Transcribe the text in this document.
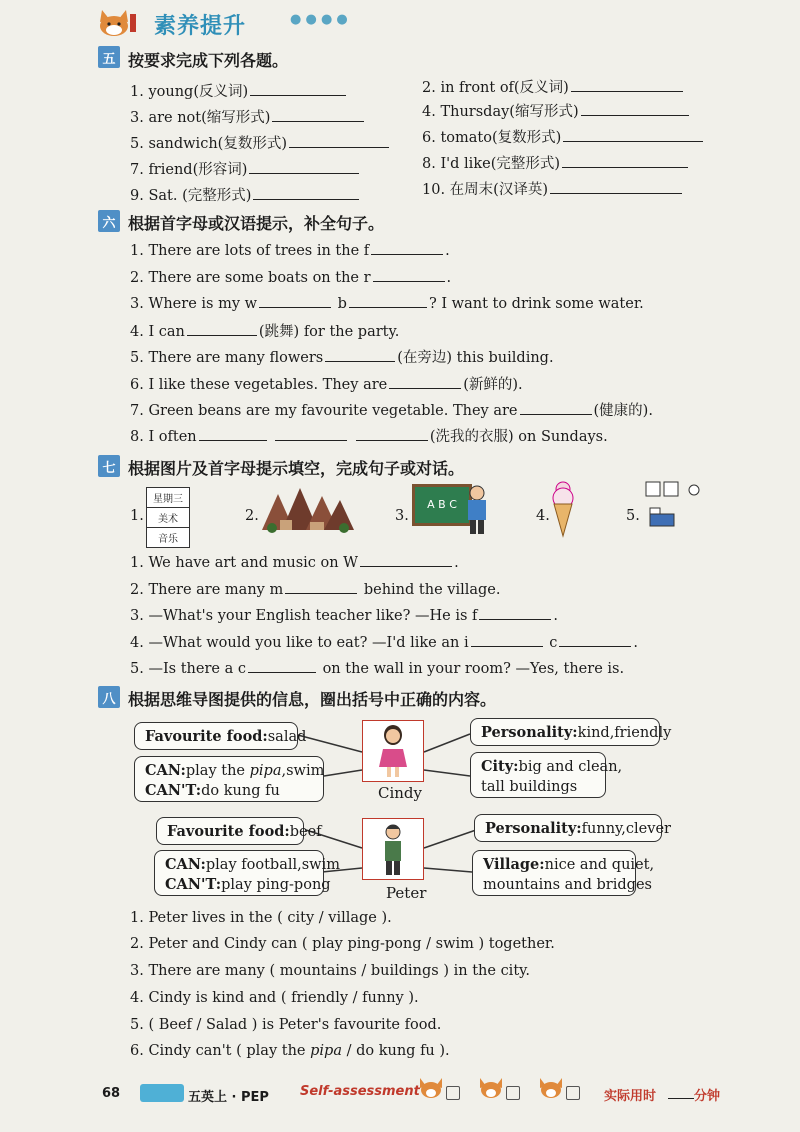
素养提升	● ● ● ●
五 按要求完成下列各题。
1. young(反义词)	2. in front of(反义词)
3. are not(缩写形式)	4. Thursday(缩写形式)
5. sandwich(复数形式)	6. tomato(复数形式)
7. friend(形容词)	8. I'd like(完整形式)
9. Sat. (完整形式)	10. 在周末(汉译英)
六 根据首字母或汉语提示，补全句子。
1. There are lots of trees in the f	.
2. There are some boats on the r	.
3. Where is my w	b	? I want to drink some water.
4. I can	(跳舞) for the party.
5. There are many flowers	(在旁边) this building.
6. I like these vegetables. They are	(新鲜的).
7. Green beans are my favourite vegetable. They are	(健康的).
8. I often	(洗我的衣服) on Sundays.
七 根据图片及首字母提示填空，完成句子或对话。
1.
星期三
美术
音乐
2.	3.
A B C
4.	5.
1. We have art and music on W	.
2. There are many m	behind the village.
3. —What's your English teacher like? —He is f	.
4. —What would you like to eat? —I'd like an i	c	.
5. —Is there a c	on the wall in your room? —Yes, there is.
八 根据思维导图提供的信息，圈出括号中正确的内容。
Favourite food:salad
CAN:play the pipa,swim
CAN'T:do kung fu	Cindy
Personality:kind,friendly
City:big and clean,
tall buildings
Favourite food:beef
CAN:play football,swim
CAN'T:play ping-pong	Peter
Personality:funny,clever
Village:nice and quiet,
mountains and bridges
1. Peter lives in the ( city / village ).
2. Peter and Cindy can ( play ping-pong / swim ) together.
3. There are many ( mountains / buildings ) in the city.
4. Cindy is kind and ( friendly / funny ).
5. ( Beef / Salad ) is Peter's favourite food.
6. Cindy can't ( play the pipa / do kung fu ).
68	五英上 · PEP Self-assessment	实际用时	分钟
